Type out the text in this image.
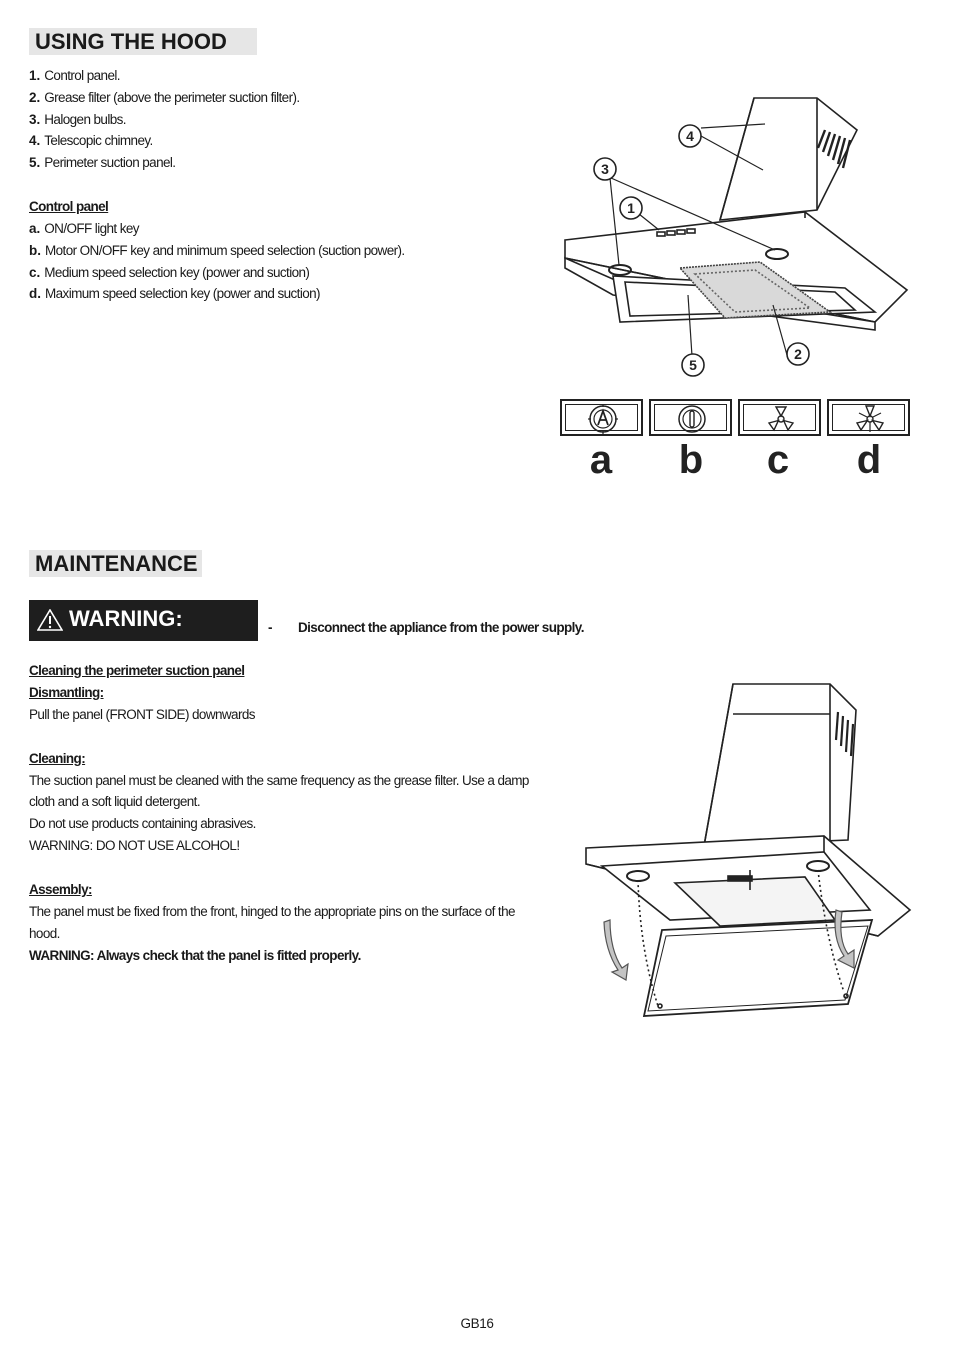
USING THE HOOD
1. Control panel.
2. Grease filter (above the perimeter suction filter).
3. Halogen bulbs.
4. Telescopic chimney.
5. Perimeter suction panel.
Control panel
a. ON/OFF light key
b. Motor ON/OFF key and minimum speed selection (suction power).
c. Medium speed selection key (power and suction)
d. Maximum speed selection key (power and suction)
4
3
1
2
5
a	b	c	d
MAINTENANCE
WARNING:	-	Disconnect the appliance from the power supply.

Cleaning the perimeter suction panel

Dismantling:

Pull the panel (FRONT SIDE) downwards

Cleaning:

The suction panel must be cleaned with the same frequency as the grease filter. Use a damp

cloth and a soft liquid detergent.

Do not use products containing abrasives.

WARNING: DO NOT USE ALCOHOL!

Assembly:

The panel must be fixed from the front, hinged to the appropriate pins on the surface of the

hood.

WARNING: Always check that the panel is fitted properly.

GB16
